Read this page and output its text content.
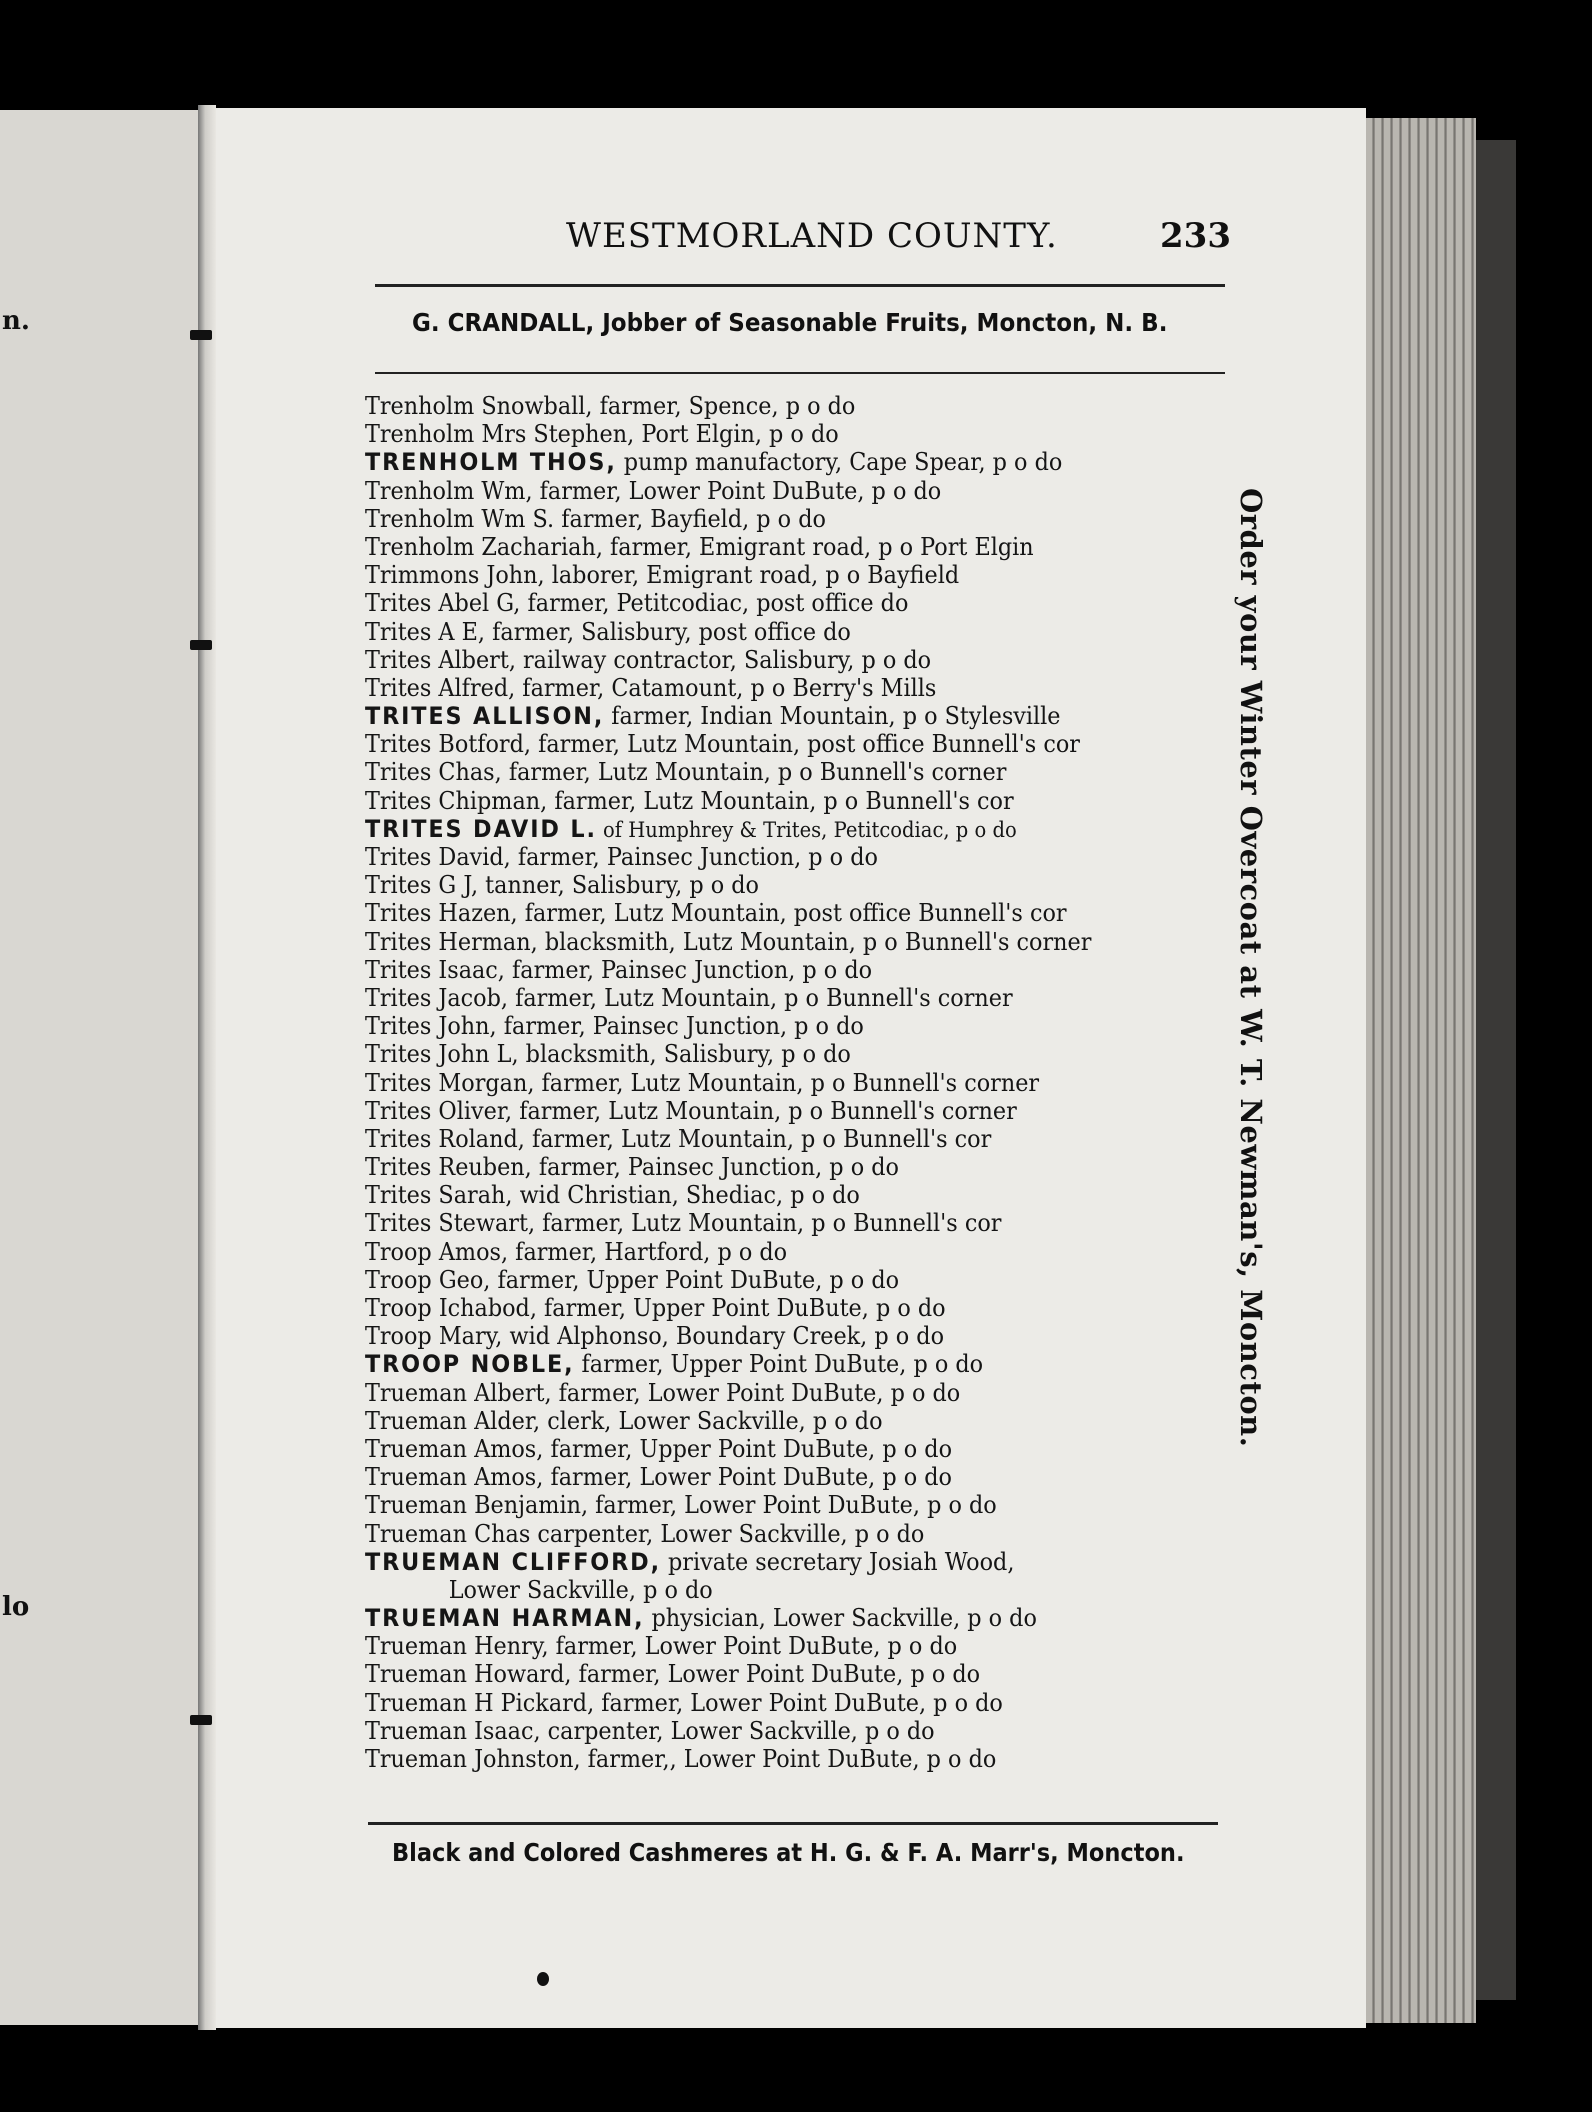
n.
lo
WESTMORLAND COUNTY.	233
G. CRANDALL, Jobber of Seasonable Fruits, Moncton, N. B.
Trenholm Snowball, farmer, Spence, p o do
Trenholm Mrs Stephen, Port Elgin, p o do
TRENHOLM THOS, pump manufactory, Cape Spear, p o do
Trenholm Wm, farmer, Lower Point DuBute, p o do
Trenholm Wm S. farmer, Bayfield, p o do
Trenholm Zachariah, farmer, Emigrant road, p o Port Elgin
Trimmons John, laborer, Emigrant road, p o Bayfield
Trites Abel G, farmer, Petitcodiac, post office do
Trites A E, farmer, Salisbury, post office do
Trites Albert, railway contractor, Salisbury, p o do
Trites Alfred, farmer, Catamount, p o Berry's Mills
TRITES ALLISON, farmer, Indian Mountain, p o Stylesville
Trites Botford, farmer, Lutz Mountain, post office Bunnell's cor
Trites Chas, farmer, Lutz Mountain, p o Bunnell's corner
Trites Chipman, farmer, Lutz Mountain, p o Bunnell's cor
TRITES DAVID L. of Humphrey & Trites, Petitcodiac, p o do
Trites David, farmer, Painsec Junction, p o do
Trites G J, tanner, Salisbury, p o do
Trites Hazen, farmer, Lutz Mountain, post office Bunnell's cor
Trites Herman, blacksmith, Lutz Mountain, p o Bunnell's corner
Trites Isaac, farmer, Painsec Junction, p o do
Trites Jacob, farmer, Lutz Mountain, p o Bunnell's corner
Trites John, farmer, Painsec Junction, p o do
Trites John L, blacksmith, Salisbury, p o do
Trites Morgan, farmer, Lutz Mountain, p o Bunnell's corner
Trites Oliver, farmer, Lutz Mountain, p o Bunnell's corner
Trites Roland, farmer, Lutz Mountain, p o Bunnell's cor
Trites Reuben, farmer, Painsec Junction, p o do
Trites Sarah, wid Christian, Shediac, p o do
Trites Stewart, farmer, Lutz Mountain, p o Bunnell's cor
Troop Amos, farmer, Hartford, p o do
Troop Geo, farmer, Upper Point DuBute, p o do
Troop Ichabod, farmer, Upper Point DuBute, p o do
Troop Mary, wid Alphonso, Boundary Creek, p o do
TROOP NOBLE, farmer, Upper Point DuBute, p o do
Trueman Albert, farmer, Lower Point DuBute, p o do
Trueman Alder, clerk, Lower Sackville, p o do
Trueman Amos, farmer, Upper Point DuBute, p o do
Trueman Amos, farmer, Lower Point DuBute, p o do
Trueman Benjamin, farmer, Lower Point DuBute, p o do
Trueman Chas carpenter, Lower Sackville, p o do
TRUEMAN CLIFFORD, private secretary Josiah Wood,
Lower Sackville, p o do
TRUEMAN HARMAN, physician, Lower Sackville, p o do
Trueman Henry, farmer, Lower Point DuBute, p o do
Trueman Howard, farmer, Lower Point DuBute, p o do
Trueman H Pickard, farmer, Lower Point DuBute, p o do
Trueman Isaac, carpenter, Lower Sackville, p o do
Trueman Johnston, farmer,, Lower Point DuBute, p o do
Order your Winter Overcoat at W. T. Newman's, Moncton.
Black and Colored Cashmeres at H. G. & F. A. Marr's, Moncton.
